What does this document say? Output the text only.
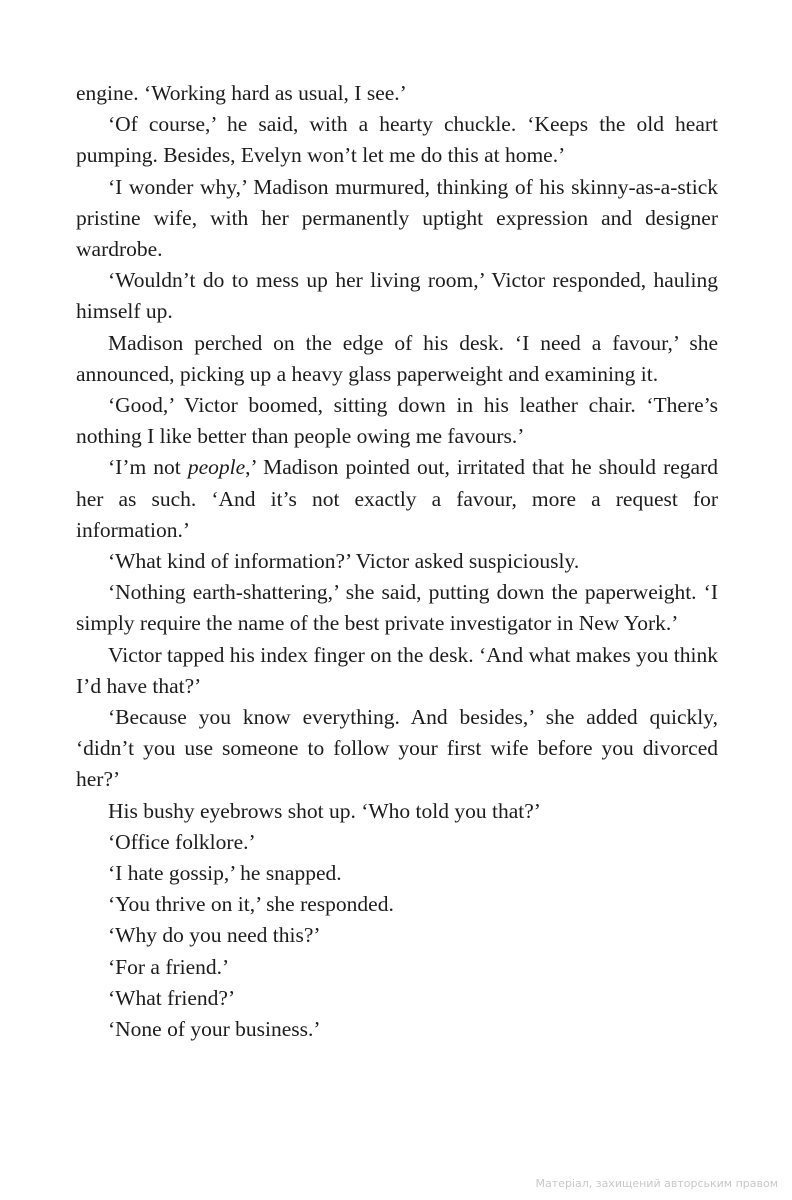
engine. ‘Working hard as usual, I see.’

‘Of course,’ he said, with a hearty chuckle. ‘Keeps the old heart pumping. Besides, Evelyn won’t let me do this at home.’

‘I wonder why,’ Madison murmured, thinking of his skinny-as-a-stick pristine wife, with her permanently uptight expression and designer wardrobe.

‘Wouldn’t do to mess up her living room,’ Victor responded, hauling himself up.

Madison perched on the edge of his desk. ‘I need a favour,’ she announced, picking up a heavy glass paperweight and examining it.

‘Good,’ Victor boomed, sitting down in his leather chair. ‘There’s nothing I like better than people owing me favours.’

‘I’m not people,’ Madison pointed out, irritated that he should regard her as such. ‘And it’s not exactly a favour, more a request for information.’

‘What kind of information?’ Victor asked suspiciously.

‘Nothing earth-shattering,’ she said, putting down the paperweight. ‘I simply require the name of the best private investigator in New York.’

Victor tapped his index finger on the desk. ‘And what makes you think I’d have that?’

‘Because you know everything. And besides,’ she added quickly, ‘didn’t you use someone to follow your first wife before you divorced her?’

His bushy eyebrows shot up. ‘Who told you that?’

‘Office folklore.’

‘I hate gossip,’ he snapped.

‘You thrive on it,’ she responded.

‘Why do you need this?’

‘For a friend.’

‘What friend?’

‘None of your business.’

Матеріал, захищений авторським правом
